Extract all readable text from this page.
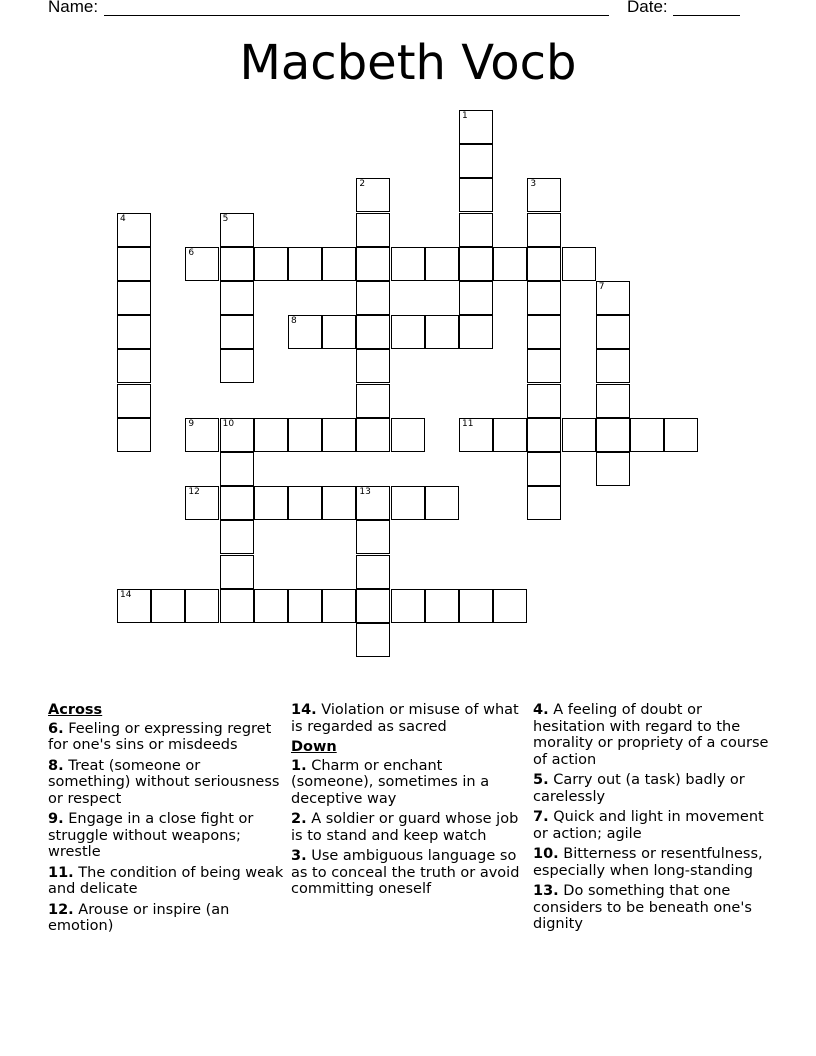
Name:	Date:
Macbeth Vocb
1
2	3
4	5
6
7
8
9	10	11
12	13
14
Across
6. Feeling or expressing regret for one's sins or misdeeds
8. Treat (someone or something) without seriousness or respect
9. Engage in a close fight or struggle without weapons; wrestle
11. The condition of being weak and delicate
12. Arouse or inspire (an emotion)
14. Violation or misuse of what is regarded as sacred
Down
1. Charm or enchant (someone), sometimes in a deceptive way
2. A soldier or guard whose job is to stand and keep watch
3. Use ambiguous language so as to conceal the truth or avoid committing oneself
4. A feeling of doubt or hesitation with regard to the morality or propriety of a course of action
5. Carry out (a task) badly or carelessly
7. Quick and light in movement or action; agile
10. Bitterness or resentfulness, especially when long-standing
13. Do something that one considers to be beneath one's dignity
